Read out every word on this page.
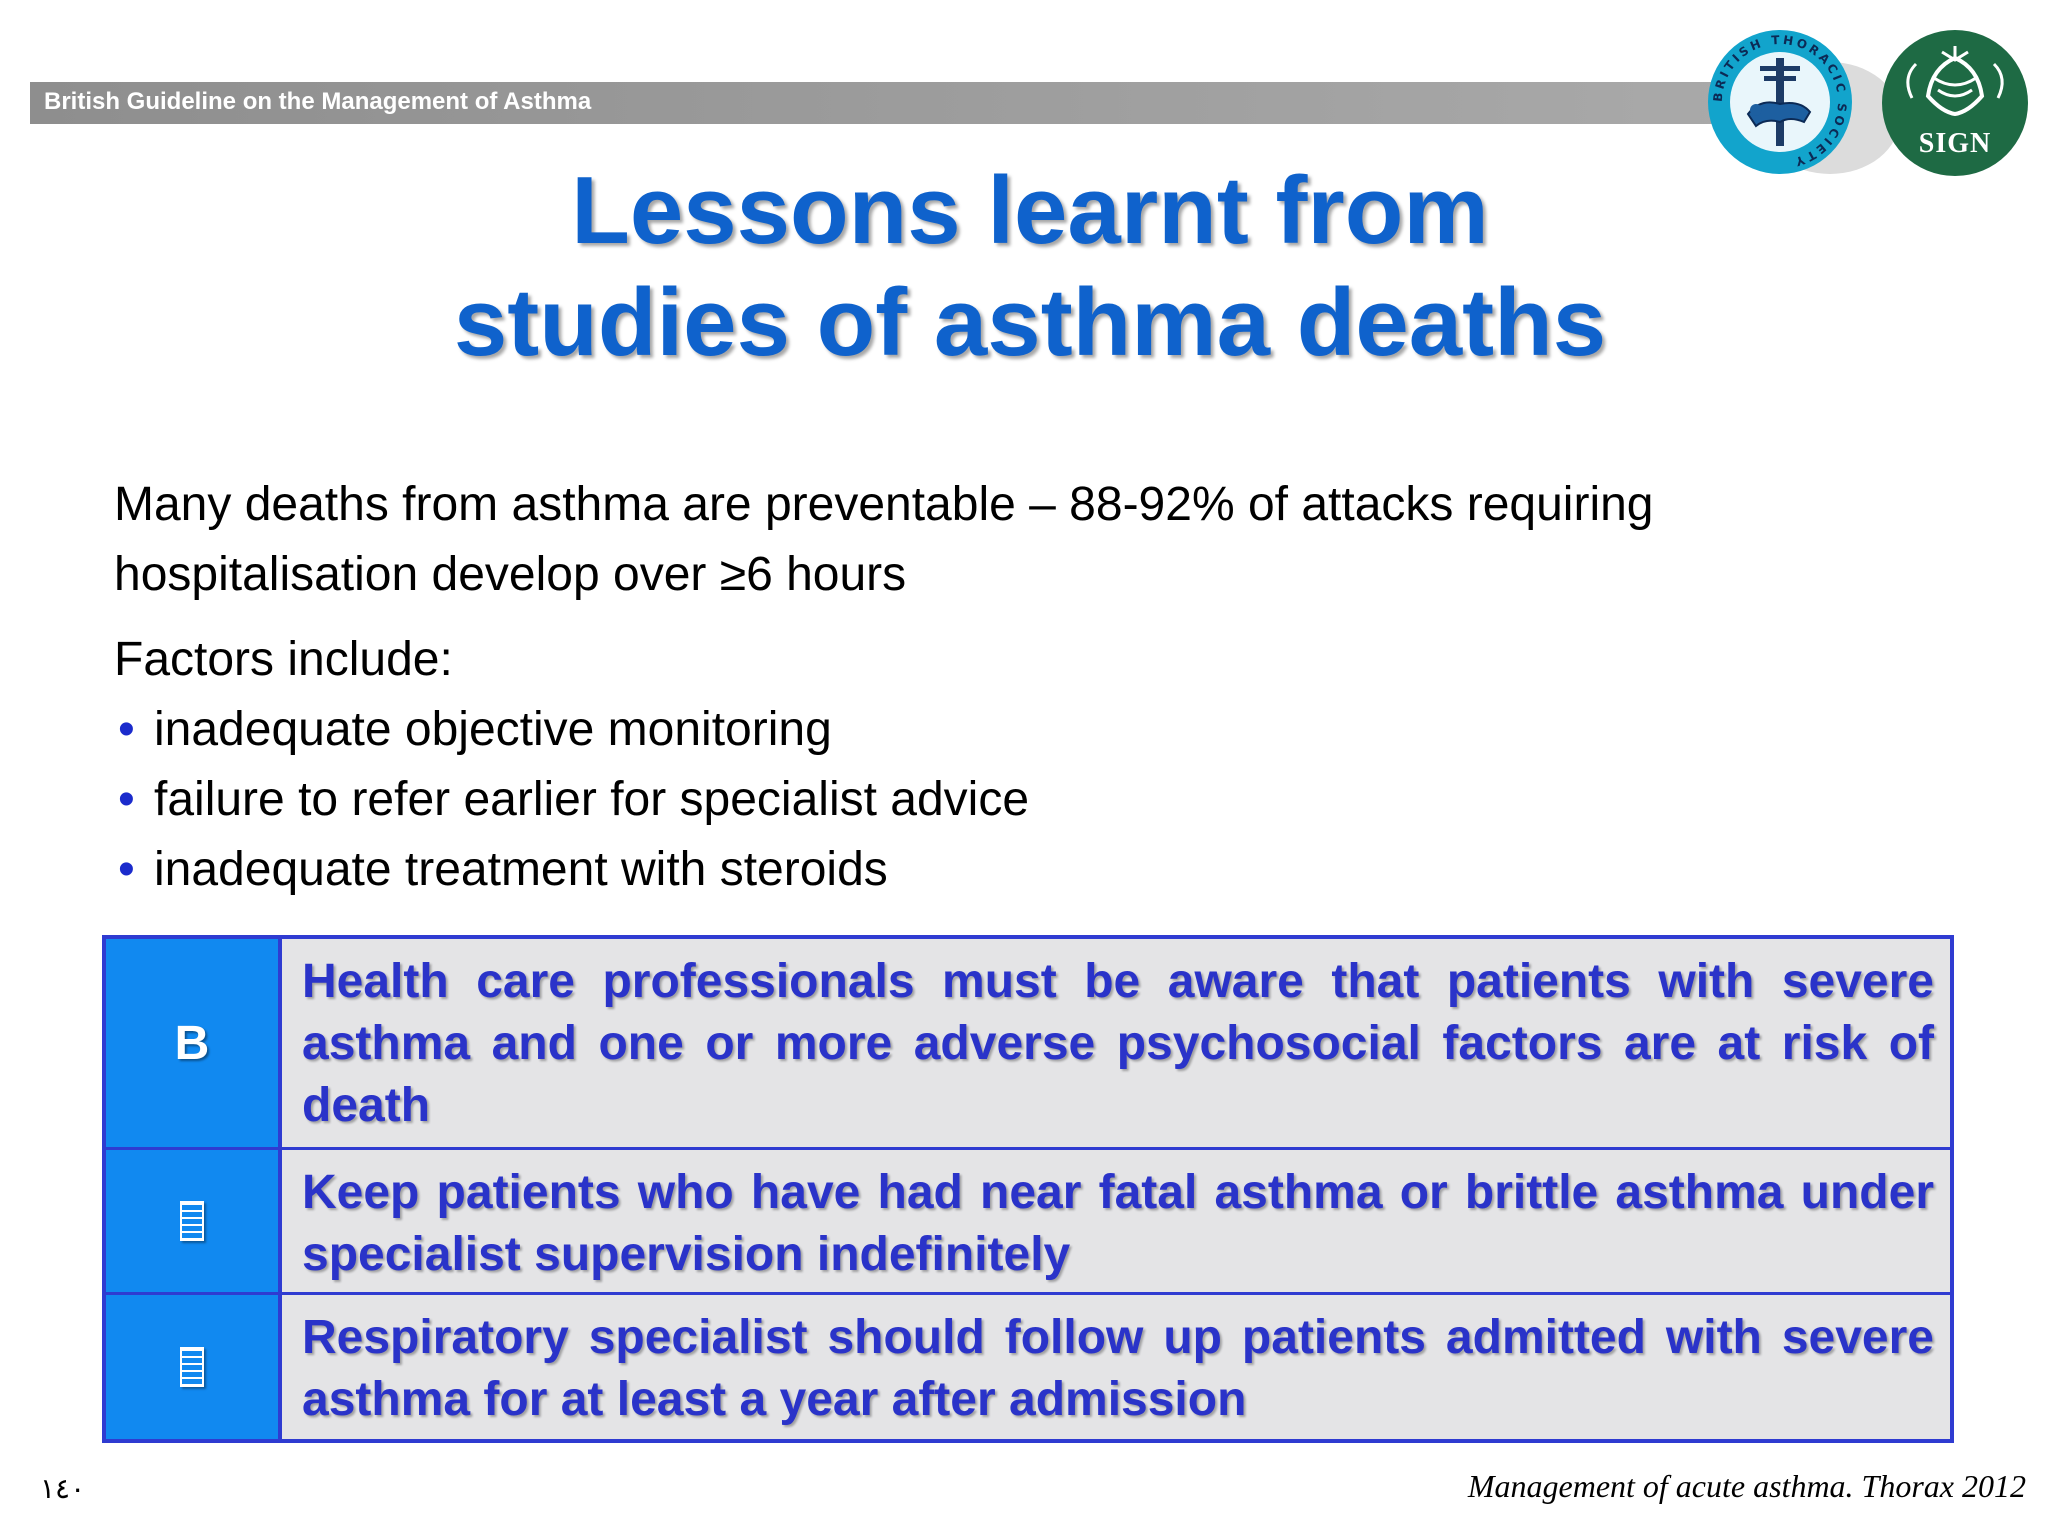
British Guideline on the Management of Asthma	BRITISH THORACIC SOCIETY
SIGN
Lessons learnt from
studies of asthma deaths
Many deaths from asthma are preventable – 88-92% of attacks requiring
hospitalisation develop over ≥6 hours
Factors include:
• inadequate objective monitoring
• failure to refer earlier for specialist advice
• inadequate treatment with steroids
B
Health care professionals must be aware that patients with severe asthma and one or more adverse psychosocial factors are at risk of death
Keep patients who have had near fatal asthma or brittle asthma under specialist supervision indefinitely
Respiratory specialist should follow up patients admitted with severe asthma for at least a year after admission
١٤٠	Management of acute asthma. Thorax 2012
